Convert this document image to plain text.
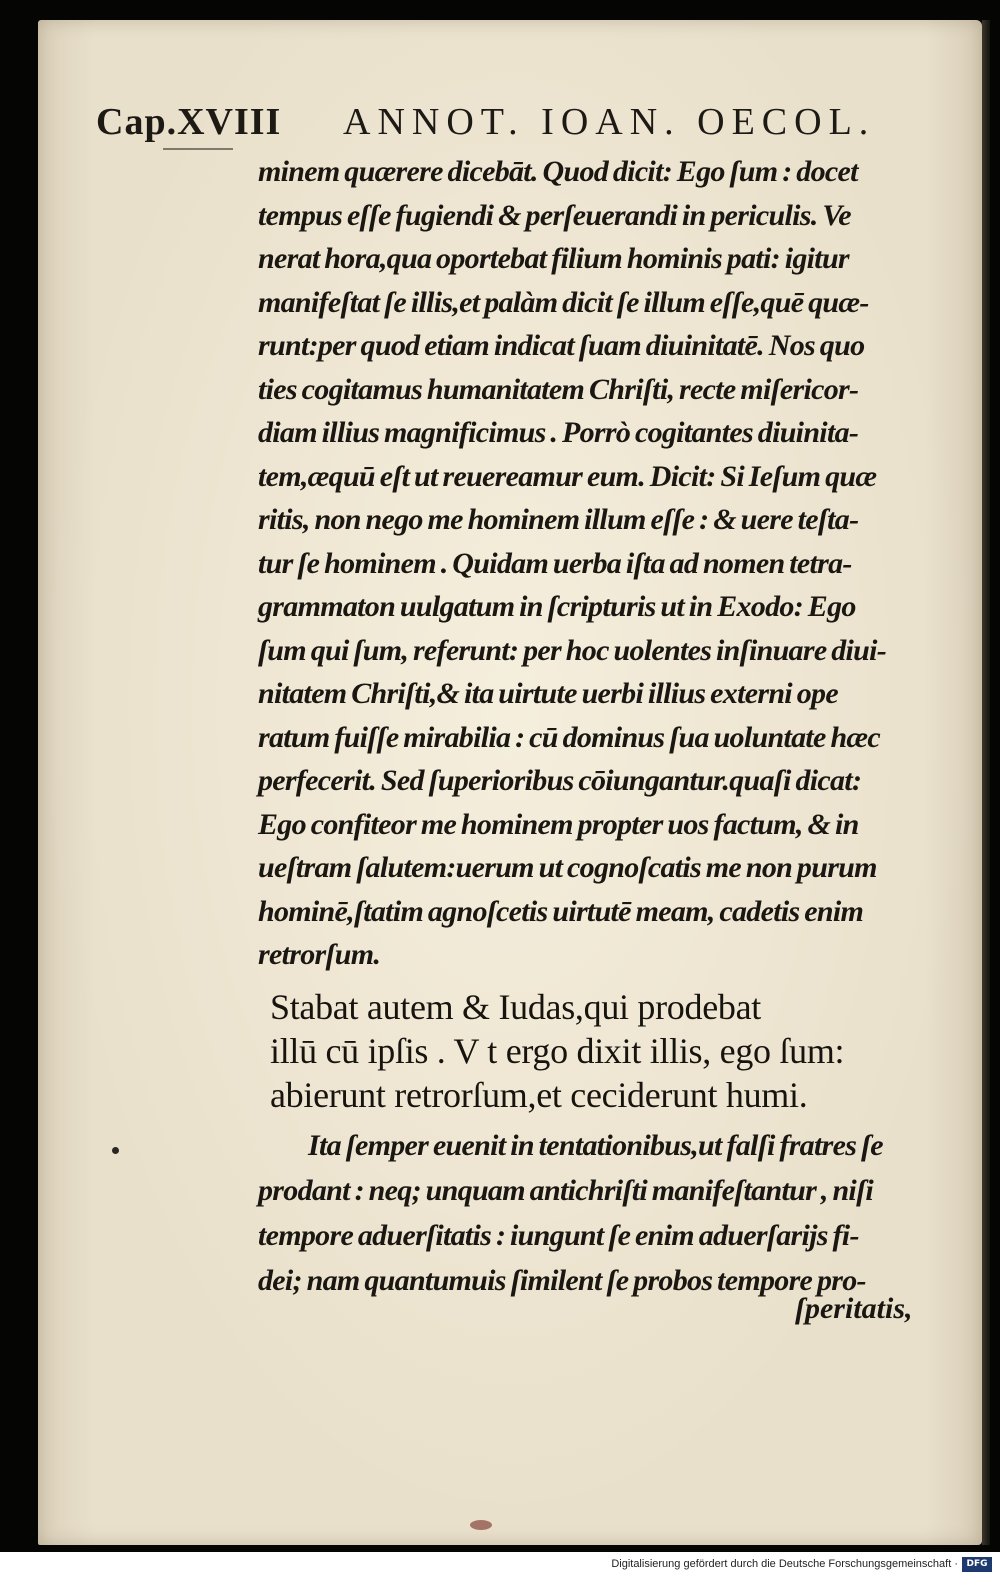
Cap.XVIII ANNOT. IOAN. OECOL.
minem quærere dicebāt. Quod dicit: Ego ſum : docet
tempus eſſe fugiendi & perſeuerandi in periculis. Ve
nerat hora,qua oportebat filium hominis pati: igitur
manifeſtat ſe illis,et palàm dicit ſe illum eſſe,quē quæ-
runt:per quod etiam indicat ſuam diuinitatē. Nos quo
ties cogitamus humanitatem Chriſti, recte miſericor-
diam illius magnificimus . Porrò cogitantes diuinita-
tem,æquū eſt ut reuereamur eum. Dicit: Si Ieſum quæ
ritis, non nego me hominem illum eſſe : & uere teſta-
tur ſe hominem . Quidam uerba iſta ad nomen tetra-
grammaton uulgatum in ſcripturis ut in Exodo: Ego
ſum qui ſum, referunt: per hoc uolentes inſinuare diui-
nitatem Chriſti,& ita uirtute uerbi illius externi ope
ratum fuiſſe mirabilia : cū dominus ſua uoluntate hæc
perfecerit. Sed ſuperioribus cōiungantur.quaſi dicat:
Ego confiteor me hominem propter uos factum, & in
ueſtram ſalutem:uerum ut cognoſcatis me non purum
hominē,ſtatim agnoſcetis uirtutē meam, cadetis enim
retrorſum.
Stabat autem & Iudas,qui prodebat
illū cū ipſis . V t ergo dixit illis, ego ſum:
abierunt retrorſum,et ceciderunt humi.
Ita ſemper euenit in tentationibus,ut falſi fratres ſe
prodant : neq; unquam antichriſti manifeſtantur , niſi
tempore aduerſitatis : iungunt ſe enim aduerſarijs fi-
dei; nam quantumuis ſimilent ſe probos tempore pro-
ſperitatis,
Digitalisierung gefördert durch die Deutsche Forschungsgemeinschaft · DFG
